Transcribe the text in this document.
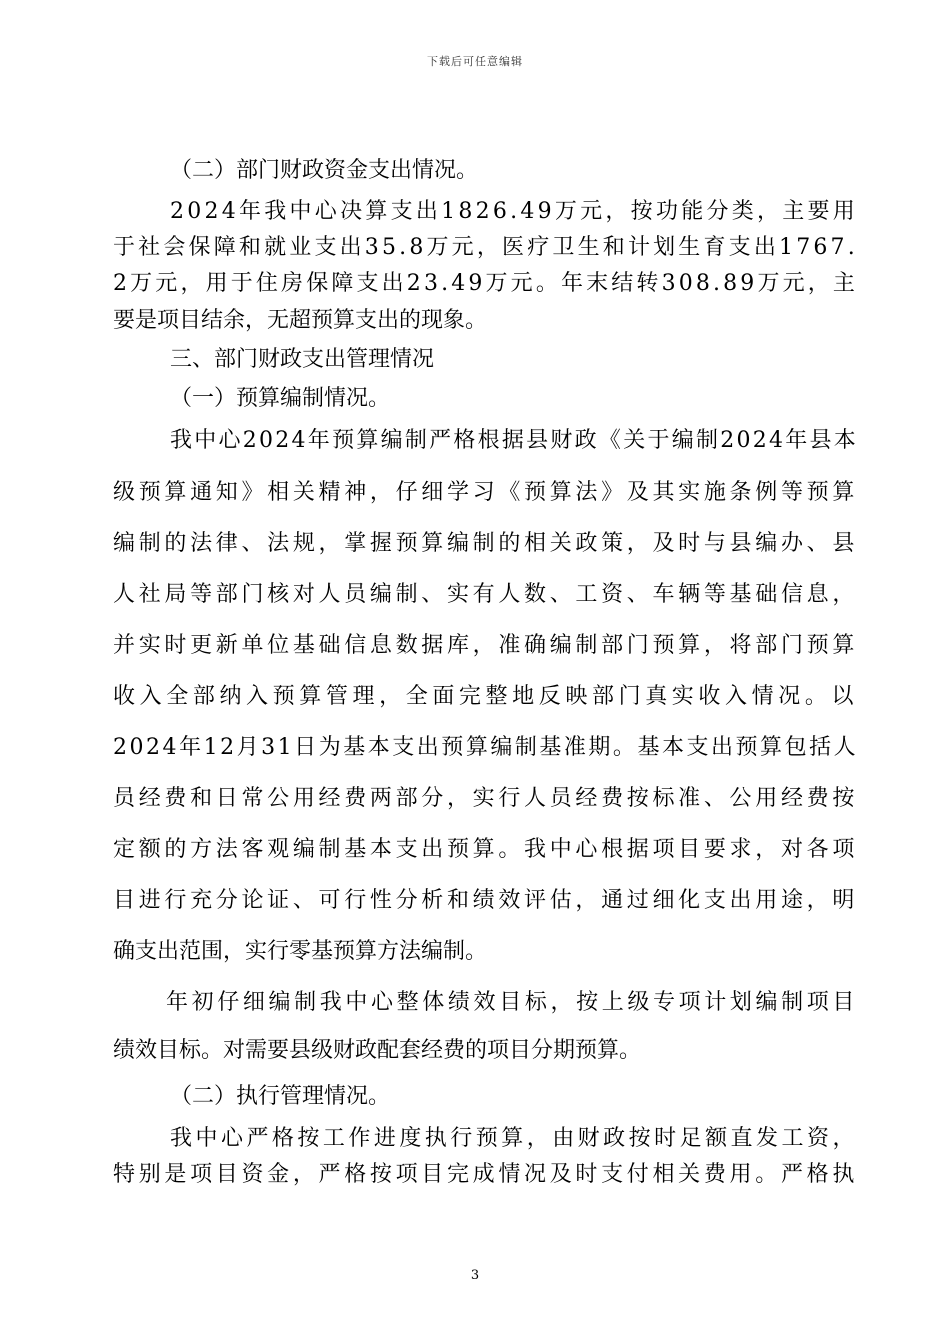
下载后可任意编辑
（二）部门财政资金支出情况。
2024年我中心决算支出1826.49万元，按功能分类，主要用
于社会保障和就业支出35.8万元，医疗卫生和计划生育支出1767.
2万元，用于住房保障支出23.49万元。年末结转308.89万元，主
要是项目结余，无超预算支出的现象。
三、部门财政支出管理情况
（一）预算编制情况。
我中心2024年预算编制严格根据县财政《关于编制2024年县本
级预算通知》相关精神，仔细学习《预算法》及其实施条例等预算
编制的法律、法规，掌握预算编制的相关政策，及时与县编办、县
人社局等部门核对人员编制、实有人数、工资、车辆等基础信息，
并实时更新单位基础信息数据库，准确编制部门预算，将部门预算
收入全部纳入预算管理，全面完整地反映部门真实收入情况。以
2024年12月31日为基本支出预算编制基准期。基本支出预算包括人
员经费和日常公用经费两部分，实行人员经费按标准、公用经费按
定额的方法客观编制基本支出预算。我中心根据项目要求，对各项
目进行充分论证、可行性分析和绩效评估，通过细化支出用途，明
确支出范围，实行零基预算方法编制。
年初仔细编制我中心整体绩效目标，按上级专项计划编制项目
绩效目标。对需要县级财政配套经费的项目分期预算。
（二）执行管理情况。
我中心严格按工作进度执行预算，由财政按时足额直发工资，
特别是项目资金，严格按项目完成情况及时支付相关费用。严格执
3
